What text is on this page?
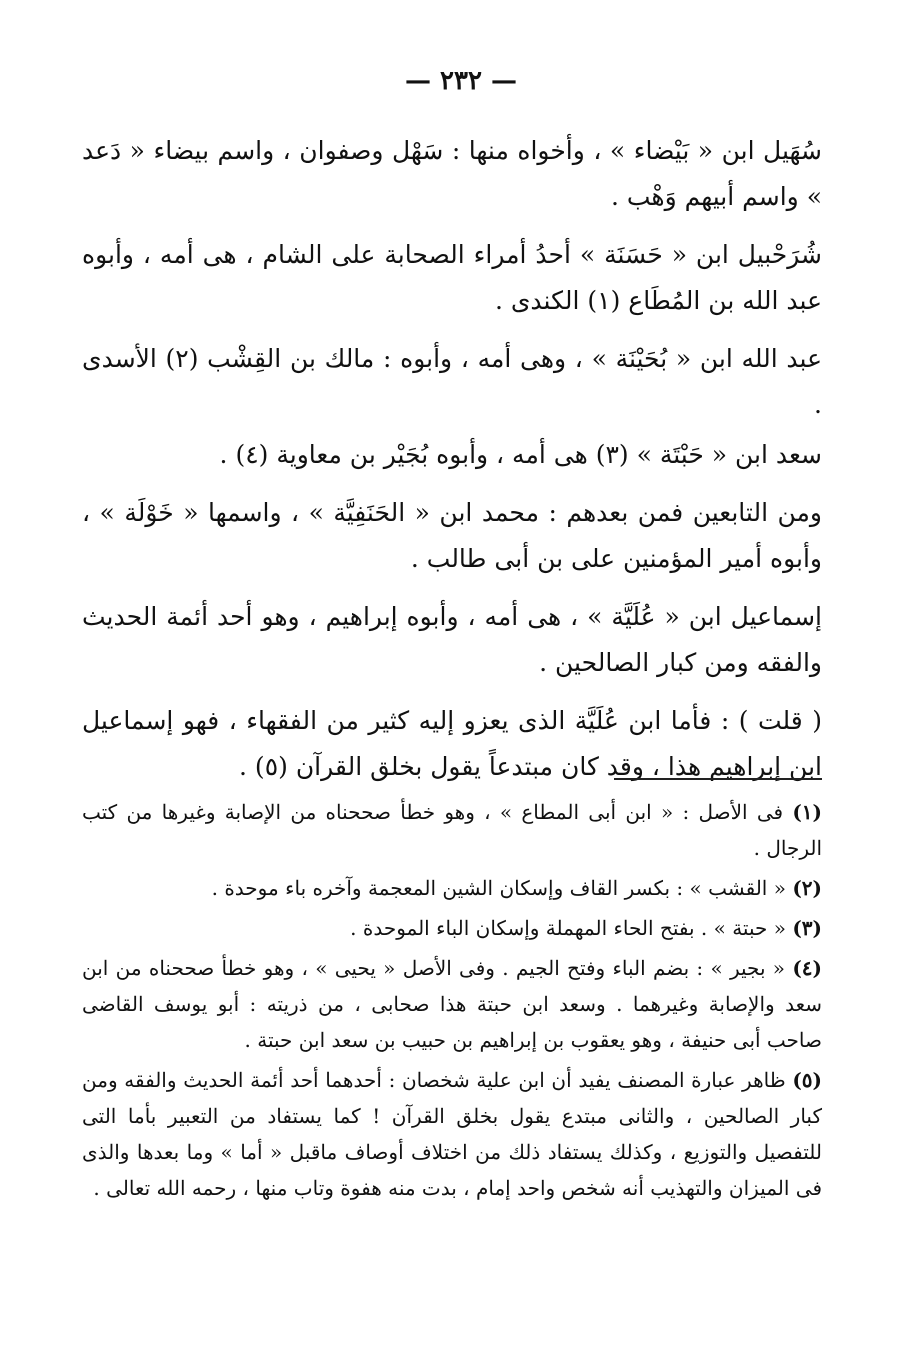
— ٢٣٢ —

سُهَيل ابن « بَيْضاء » ، وأخواه منها : سَهْل وصفوان ، واسم بيضاء « دَعد » واسم أبيهم وَهْب .

شُرَحْبيل ابن « حَسَنَة » أحدُ أمراء الصحابة على الشام ، هى أمه ، وأبوه عبد الله بن المُطَاع (١) الكندى .

عبد الله ابن « بُحَيْنَة » ، وهى أمه ، وأبوه : مالك بن القِشْب (٢) الأسدى .

سعد ابن « حَبْتَة » (٣) هى أمه ، وأبوه بُجَيْر بن معاوية (٤) .

ومن التابعين فمن بعدهم : محمد ابن « الحَنَفِيَّة » ، واسمها « خَوْلَة » ، وأبوه أمير المؤمنين على بن أبى طالب .

إسماعيل ابن « عُلَيَّة » ، هى أمه ، وأبوه إبراهيم ، وهو أحد أئمة الحديث والفقه ومن كبار الصالحين .

( قلت ) : فأما ابن عُلَيَّة الذى يعزو إليه كثير من الفقهاء ، فهو إسماعيل ابن إبراهيم هذا ، وقد كان مبتدعاً يقول بخلق القرآن (٥) .

(١) فى الأصل : « ابن أبى المطاع » ، وهو خطأ صححناه من الإصابة وغيرها من كتب الرجال .

(٢) « القشب » : بكسر القاف وإسكان الشين المعجمة وآخره باء موحدة .

(٣) « حبتة » . بفتح الحاء المهملة وإسكان الباء الموحدة .

(٤) « بجير » : بضم الباء وفتح الجيم . وفى الأصل « يحيى » ، وهو خطأ صححناه من ابن سعد والإصابة وغيرهما . وسعد ابن حبتة هذا صحابى ، من ذريته : أبو يوسف القاضى صاحب أبى حنيفة ، وهو يعقوب بن إبراهيم بن حبيب بن سعد ابن حبتة .

(٥) ظاهر عبارة المصنف يفيد أن ابن علية شخصان : أحدهما أحد أئمة الحديث والفقه ومن كبار الصالحين ، والثانى مبتدع يقول بخلق القرآن ! كما يستفاد من التعبير بأما التى للتفصيل والتوزيع ، وكذلك يستفاد ذلك من اختلاف أوصاف ماقبل « أما » وما بعدها والذى فى الميزان والتهذيب أنه شخص واحد إمام ، بدت منه هفوة وتاب منها ، رحمه الله تعالى .
